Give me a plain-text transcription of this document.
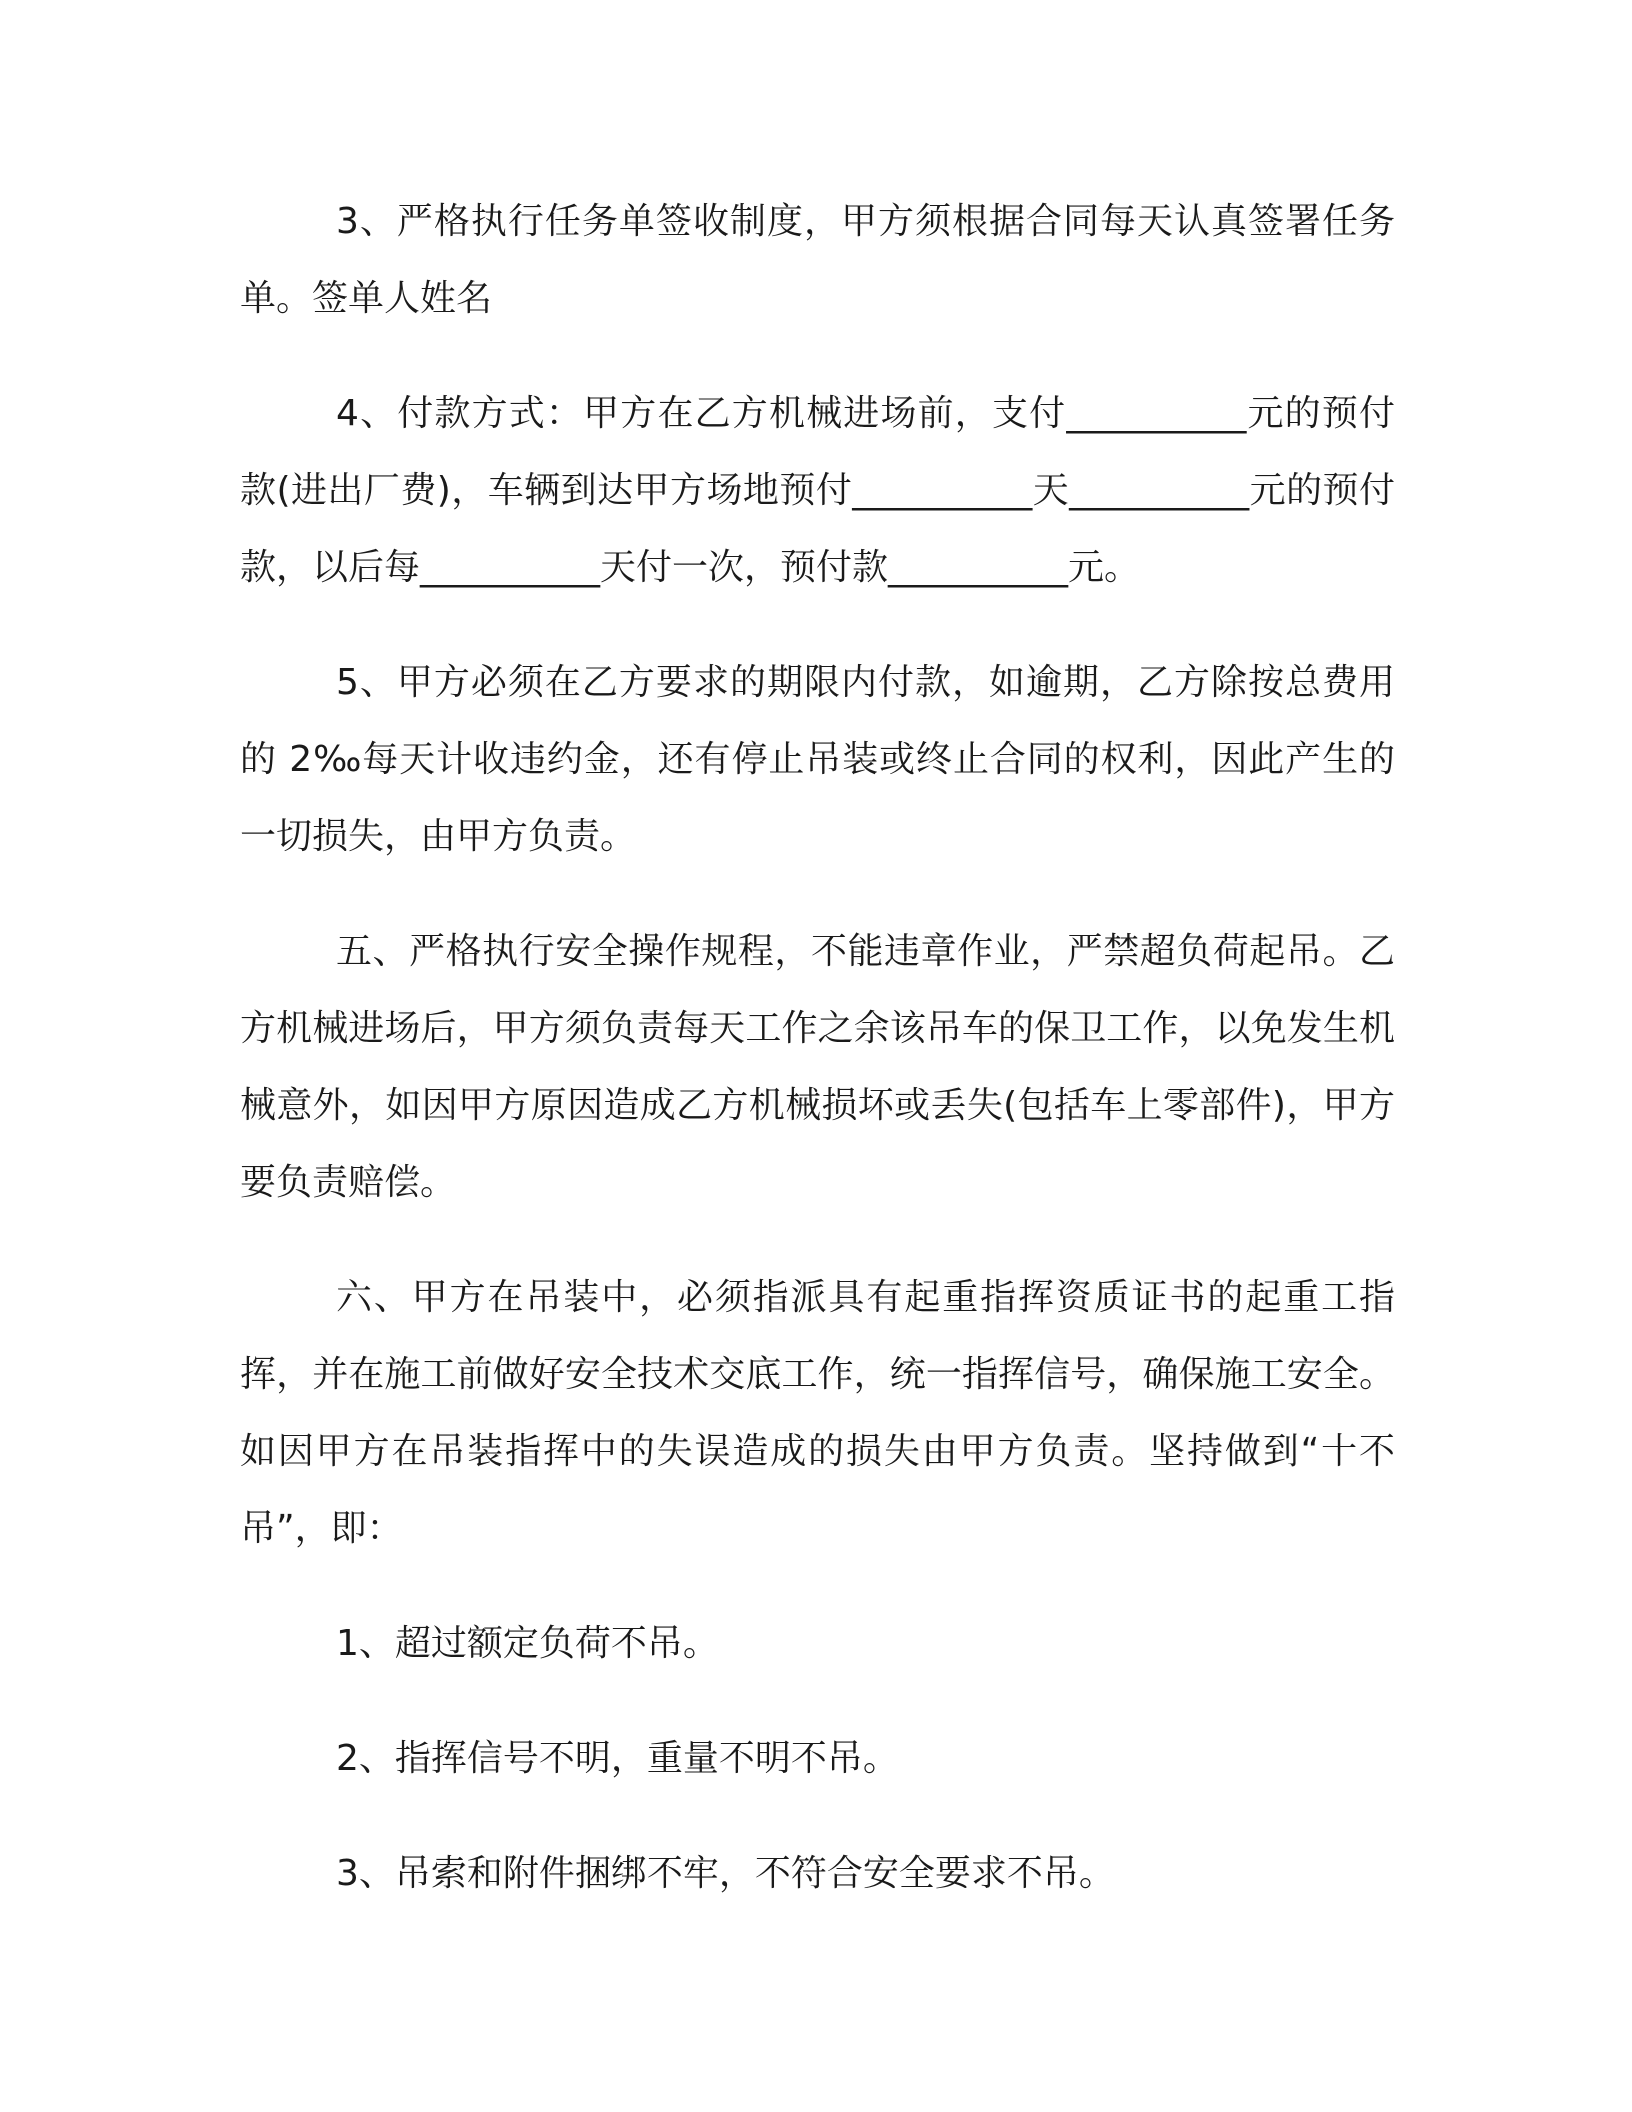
3、严格执行任务单签收制度，甲方须根据合同每天认真签署任务单。签单人姓名

4、付款方式：甲方在乙方机械进场前，支付__________元的预付款(进出厂费)，车辆到达甲方场地预付__________天__________元的预付款，以后每__________天付一次，预付款__________元。

5、甲方必须在乙方要求的期限内付款，如逾期，乙方除按总费用的 2‰每天计收违约金，还有停止吊装或终止合同的权利，因此产生的一切损失，由甲方负责。

五、严格执行安全操作规程，不能违章作业，严禁超负荷起吊。乙方机械进场后，甲方须负责每天工作之余该吊车的保卫工作，以免发生机械意外，如因甲方原因造成乙方机械损坏或丢失(包括车上零部件)，甲方要负责赔偿。

六、甲方在吊装中，必须指派具有起重指挥资质证书的起重工指挥，并在施工前做好安全技术交底工作，统一指挥信号，确保施工安全。如因甲方在吊装指挥中的失误造成的损失由甲方负责。坚持做到“十不吊”，即：

1、超过额定负荷不吊。

2、指挥信号不明，重量不明不吊。

3、吊索和附件捆绑不牢，不符合安全要求不吊。
